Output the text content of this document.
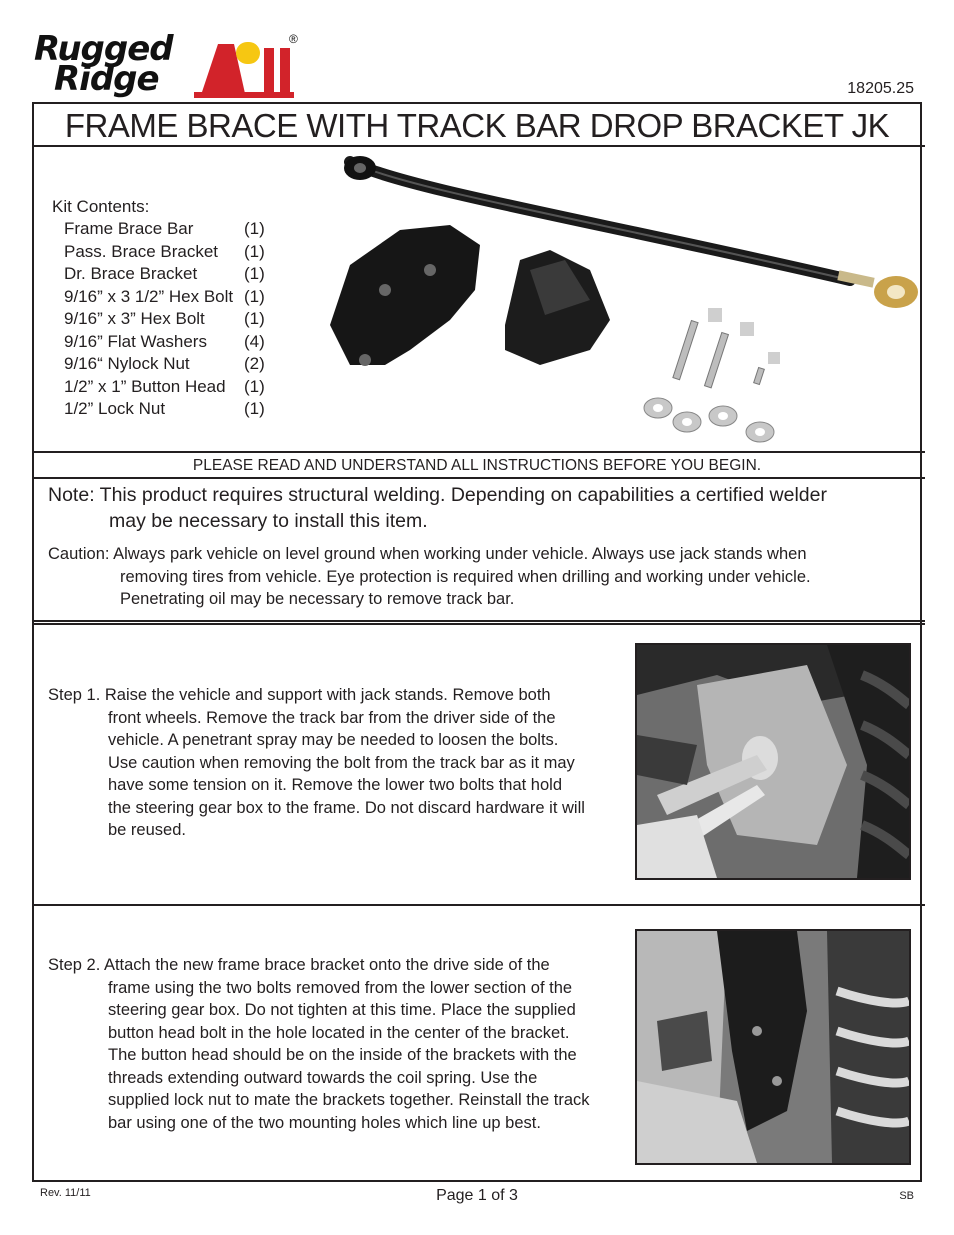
Rugged
Ridge
®
18205.25
FRAME BRACE WITH TRACK BAR DROP BRACKET JK
Kit Contents:
Frame Brace Bar	(1)
Pass. Brace Bracket (1)
Dr. Brace Bracket	(1)
9/16” x 3 1/2” Hex Bolt (1)
9/16” x 3” Hex Bolt (1)
9/16” Flat Washers (4)
9/16“ Nylock Nut	(2)
1/2” x 1” Button Head (1)
1/2” Lock Nut	(1)
PLEASE READ AND UNDERSTAND ALL INSTRUCTIONS BEFORE YOU BEGIN.
Note: This product requires structural welding. Depending on capabilities a certified welder
may be necessary to install this item.
Caution: Always park vehicle on level ground when working under vehicle. Always use jack stands when
removing tires from vehicle. Eye protection is required when drilling and working under vehicle.
Penetrating oil may be necessary to remove track bar.
Step 1. Raise the vehicle and support with jack stands. Remove both
front wheels. Remove the track bar from the driver side of the
vehicle. A penetrant spray may be needed to loosen the bolts.
Use caution when removing the bolt from the track bar as it may
have some tension on it. Remove the lower two bolts that hold
the steering gear box to the frame. Do not discard hardware it will
be reused.
Step 2. Attach the new frame brace bracket onto the drive side of the
frame using the two bolts removed from the lower section of the
steering gear box. Do not tighten at this time. Place the supplied
button head bolt in the hole located in the center of the bracket.
The button head should be on the inside of the brackets with the
threads extending outward towards the coil spring. Use the
supplied lock nut to mate the brackets together. Reinstall the track
bar using one of the two mounting holes which line up best.
Rev. 11/11	Page 1 of 3	SB
